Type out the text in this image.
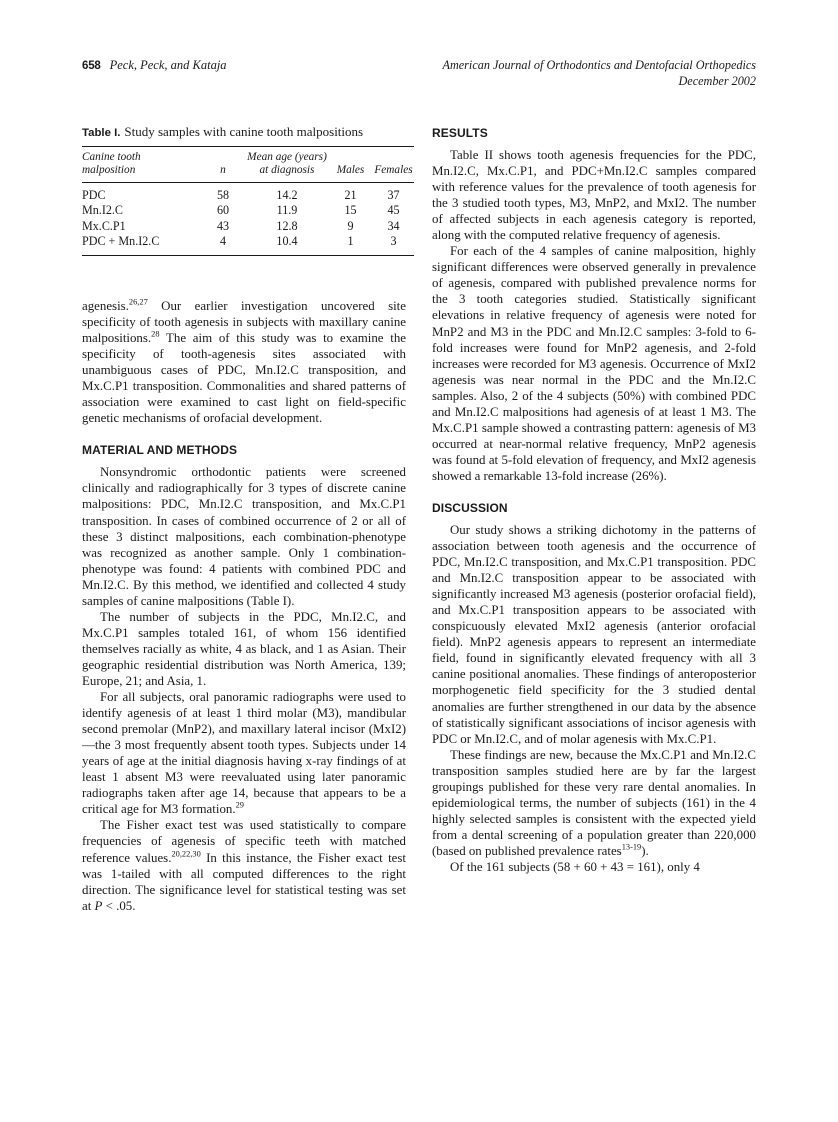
658 Peck, Peck, and Kataja	American Journal of Orthodontics and Dentofacial Orthopedics
December 2002
Table I. Study samples with canine tooth malpositions
Canine tooth
malposition	n

Mean age (years)
at diagnosis	Males	Females

PDC	58	14.2	21	37
Mn.I2.C	60	11.9	15	45
Mx.C.P1	43	12.8	9	34
PDC + Mn.I2.C	4	10.4	1	3

agenesis.$^{26,27}$ Our earlier investigation uncovered site specificity of tooth agenesis in subjects with maxillary canine malpositions.$^{28}$ The aim of this study was to examine the specificity of tooth-agenesis sites associated with unambiguous cases of PDC, Mn.I2.C transposition, and Mx.C.P1 transposition. Commonalities and shared patterns of association were examined to cast light on field-specific genetic mechanisms of orofacial development.

MATERIAL AND METHODS

Nonsyndromic orthodontic patients were screened clinically and radiographically for 3 types of discrete canine malpositions: PDC, Mn.I2.C transposition, and Mx.C.P1 transposition. In cases of combined occurrence of 2 or all of these 3 distinct malpositions, each combination-phenotype was recognized as another sample. Only 1 combination-phenotype was found: 4 patients with combined PDC and Mn.I2.C. By this method, we identified and collected 4 study samples of canine malpositions (Table I).

The number of subjects in the PDC, Mn.I2.C, and Mx.C.P1 samples totaled 161, of whom 156 identified themselves racially as white, 4 as black, and 1 as Asian. Their geographic residential distribution was North America, 139; Europe, 21; and Asia, 1.

For all subjects, oral panoramic radiographs were used to identify agenesis of at least 1 third molar (M3), mandibular second premolar (MnP2), and maxillary lateral incisor (MxI2)—the 3 most frequently absent tooth types. Subjects under 14 years of age at the initial diagnosis having x-ray findings of at least 1 absent M3 were reevaluated using later panoramic radiographs taken after age 14, because that appears to be a critical age for M3 formation.$^{29}$

The Fisher exact test was used statistically to compare frequencies of agenesis of specific teeth with matched reference values.$^{20,22,30}$ In this instance, the Fisher exact test was 1-tailed with all computed differences to the right direction. The significance level for statistical testing was set at P < .05.

RESULTS

Table II shows tooth agenesis frequencies for the PDC, Mn.I2.C, Mx.C.P1, and PDC+Mn.I2.C samples compared with reference values for the prevalence of tooth agenesis for the 3 studied tooth types, M3, MnP2, and MxI2. The number of affected subjects in each agenesis category is reported, along with the computed relative frequency of agenesis.

For each of the 4 samples of canine malposition, highly significant differences were observed generally in prevalence of agenesis, compared with published prevalence norms for the 3 tooth categories studied. Statistically significant elevations in relative frequency of agenesis were noted for MnP2 and M3 in the PDC and Mn.I2.C samples: 3-fold to 6-fold increases were found for MnP2 agenesis, and 2-fold increases were recorded for M3 agenesis. Occurrence of MxI2 agenesis was near normal in the PDC and the Mn.I2.C samples. Also, 2 of the 4 subjects (50%) with combined PDC and Mn.I2.C malpositions had agenesis of at least 1 M3. The Mx.C.P1 sample showed a contrasting pattern: agenesis of M3 occurred at near-normal relative frequency, MnP2 agenesis was found at 5-fold elevation of frequency, and MxI2 agenesis showed a remarkable 13-fold increase (26%).

DISCUSSION

Our study shows a striking dichotomy in the patterns of association between tooth agenesis and the occurrence of PDC, Mn.I2.C transposition, and Mx.C.P1 transposition. PDC and Mn.I2.C transposition appear to be associated with significantly increased M3 agenesis (posterior orofacial field), and Mx.C.P1 transposition appears to be associated with conspicuously elevated MxI2 agenesis (anterior orofacial field). MnP2 agenesis appears to represent an intermediate field, found in significantly elevated frequency with all 3 canine positional anomalies. These findings of anteroposterior morphogenetic field specificity for the 3 studied dental anomalies are further strengthened in our data by the absence of statistically significant associations of incisor agenesis with PDC or Mn.I2.C, and of molar agenesis with Mx.C.P1.

These findings are new, because the Mx.C.P1 and Mn.I2.C transposition samples studied here are by far the largest groupings published for these very rare dental anomalies. In epidemiological terms, the number of subjects (161) in the 4 highly selected samples is consistent with the expected yield from a dental screening of a population greater than 220,000 (based on published prevalence rates$^{13-19}$).

Of the 161 subjects (58 + 60 + 43 = 161), only 4
